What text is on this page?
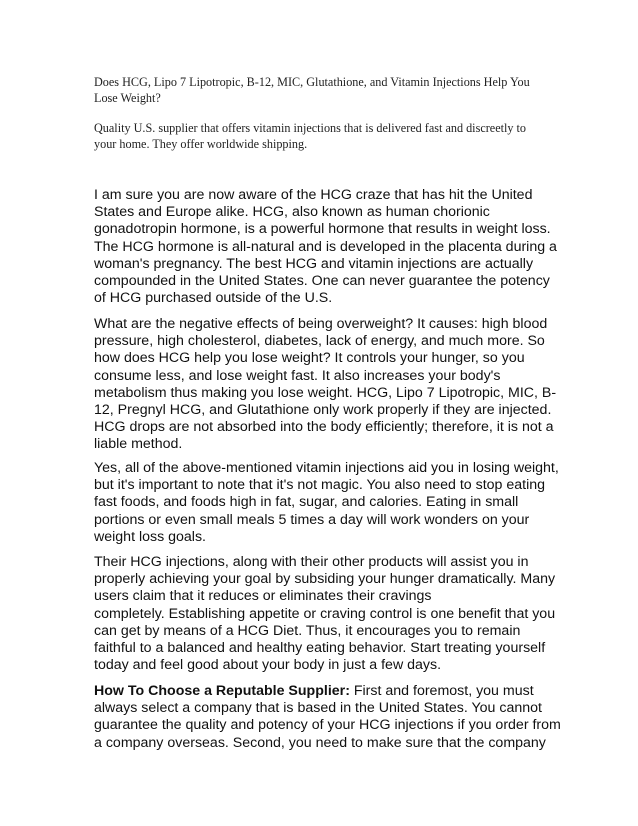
Does HCG, Lipo 7 Lipotropic, B-12, MIC, Glutathione, and Vitamin Injections Help You
Lose Weight?
Quality U.S. supplier that offers vitamin injections that is delivered fast and discreetly to
your home. They offer worldwide shipping.
I am sure you are now aware of the HCG craze that has hit the United
States and Europe alike. HCG, also known as human chorionic
gonadotropin hormone, is a powerful hormone that results in weight loss.
The HCG hormone is all-natural and is developed in the placenta during a
woman's pregnancy. The best HCG and vitamin injections are actually
compounded in the United States. One can never guarantee the potency
of HCG purchased outside of the U.S.
What are the negative effects of being overweight? It causes: high blood
pressure, high cholesterol, diabetes, lack of energy, and much more. So
how does HCG help you lose weight? It controls your hunger, so you
consume less, and lose weight fast. It also increases your body's
metabolism thus making you lose weight. HCG, Lipo 7 Lipotropic, MIC, B-
12, Pregnyl HCG, and Glutathione only work properly if they are injected.
HCG drops are not absorbed into the body efficiently; therefore, it is not a
liable method.
Yes, all of the above-mentioned vitamin injections aid you in losing weight,
but it's important to note that it's not magic. You also need to stop eating
fast foods, and foods high in fat, sugar, and calories. Eating in small
portions or even small meals 5 times a day will work wonders on your
weight loss goals.
Their HCG injections, along with their other products will assist you in
properly achieving your goal by subsiding your hunger dramatically. Many
users claim that it reduces or eliminates their cravings
completely. Establishing appetite or craving control is one benefit that you
can get by means of a HCG Diet. Thus, it encourages you to remain
faithful to a balanced and healthy eating behavior. Start treating yourself
today and feel good about your body in just a few days.
How To Choose a Reputable Supplier: First and foremost, you must
always select a company that is based in the United States. You cannot
guarantee the quality and potency of your HCG injections if you order from
a company overseas. Second, you need to make sure that the company
